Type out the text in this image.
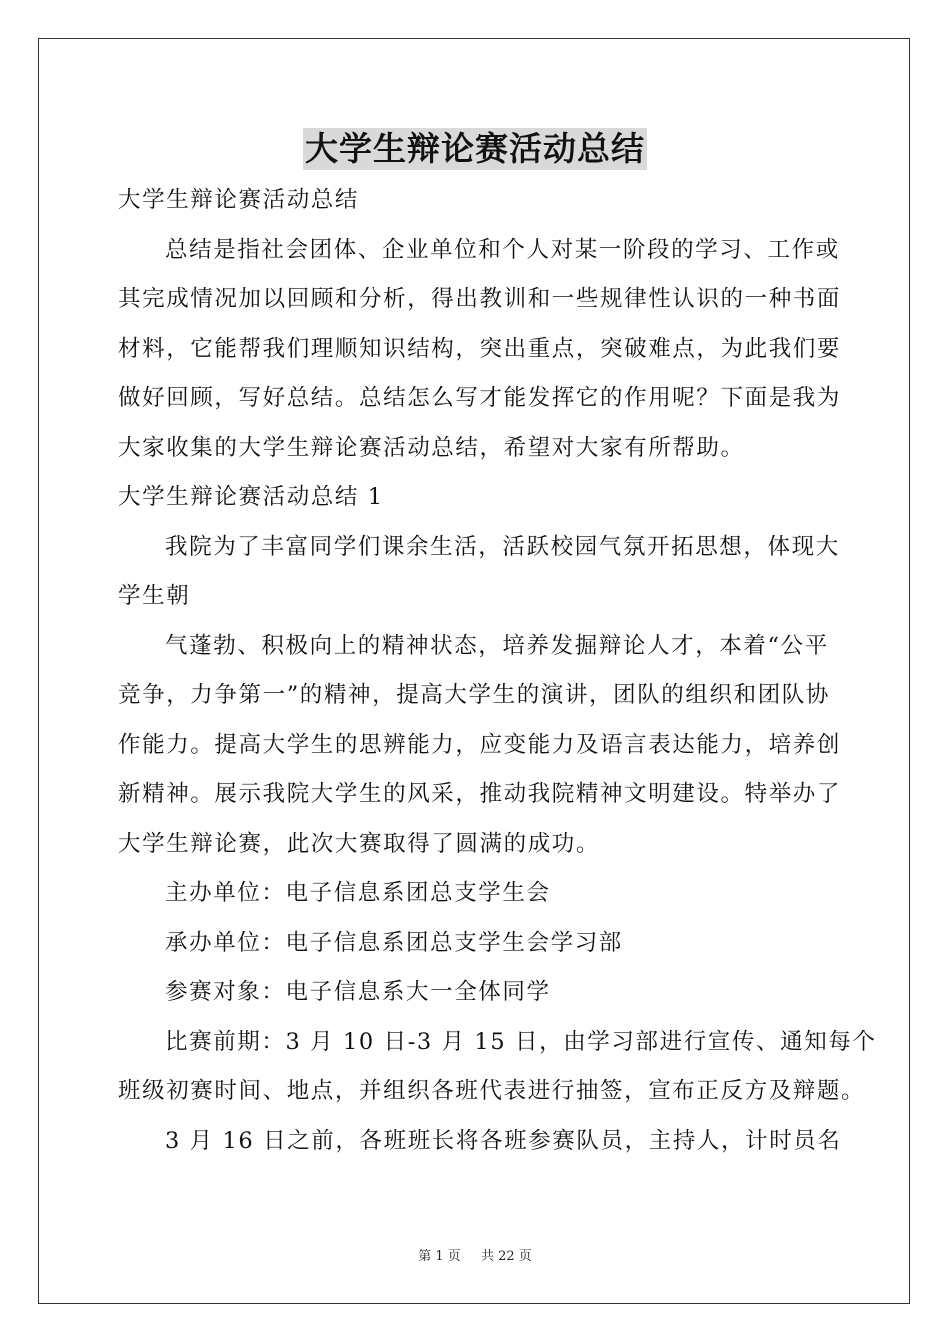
大学生辩论赛活动总结
大学生辩论赛活动总结
总结是指社会团体、企业单位和个人对某一阶段的学习、工作或
其完成情况加以回顾和分析，得出教训和一些规律性认识的一种书面
材料，它能帮我们理顺知识结构，突出重点，突破难点，为此我们要
做好回顾，写好总结。总结怎么写才能发挥它的作用呢？下面是我为
大家收集的大学生辩论赛活动总结，希望对大家有所帮助。
大学生辩论赛活动总结 1
我院为了丰富同学们课余生活，活跃校园气氛开拓思想，体现大
学生朝
气蓬勃、积极向上的精神状态，培养发掘辩论人才，本着“公平
竞争，力争第一”的精神，提高大学生的演讲，团队的组织和团队协
作能力。提高大学生的思辨能力，应变能力及语言表达能力，培养创
新精神。展示我院大学生的风采，推动我院精神文明建设。特举办了
大学生辩论赛，此次大赛取得了圆满的成功。
主办单位：电子信息系团总支学生会
承办单位：电子信息系团总支学生会学习部
参赛对象：电子信息系大一全体同学
比赛前期：3 月 10 日-3 月 15 日，由学习部进行宣传、通知每个
班级初赛时间、地点，并组织各班代表进行抽签，宣布正反方及辩题。
3 月 16 日之前，各班班长将各班参赛队员，主持人，计时员名
第 1 页 共 22 页
